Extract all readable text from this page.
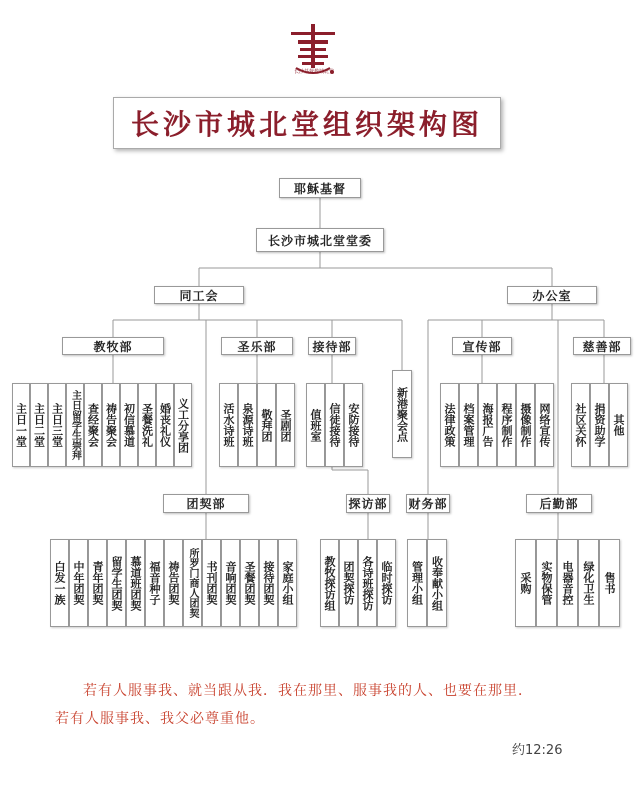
长沙基督教城北堂
长沙市城北堂组织架构图
耶稣基督
长沙市城北堂堂委
同工会	办公室
教牧部	圣乐部	接待部	宣传部	慈善部
团契部	探访部 财务部	后勤部
新港聚会点
主日一堂 主日二堂 主日三堂 主日留学生崇拜 查经聚会 祷告聚会 初信慕道 圣餐洗礼 婚丧礼仪 义工分享团	活水诗班 泉源诗班 敬拜团 圣剧团 值班室 信徒接待 安防接待	法律政策 档案管理 海报广告 程序制作 摄像制作 网络宣传 社区关怀 捐资助学 其他
白发一族 中年团契 青年团契 留学生团契 慕道班团契 福音种子 祷告团契 所罗门商人团契 书刊团契 音响团契 圣餐团契 接待团契 家庭小组	教牧探访组 团契探访 各诗班探访 临时探访 管理小组 收奉献小组	采购 实物保管 电器音控 绿化卫生 售书
若有人服事我、就当跟从我．我在那里、服事我的人、也要在那里．
若有人服事我、我父必尊重他。
约12:26
